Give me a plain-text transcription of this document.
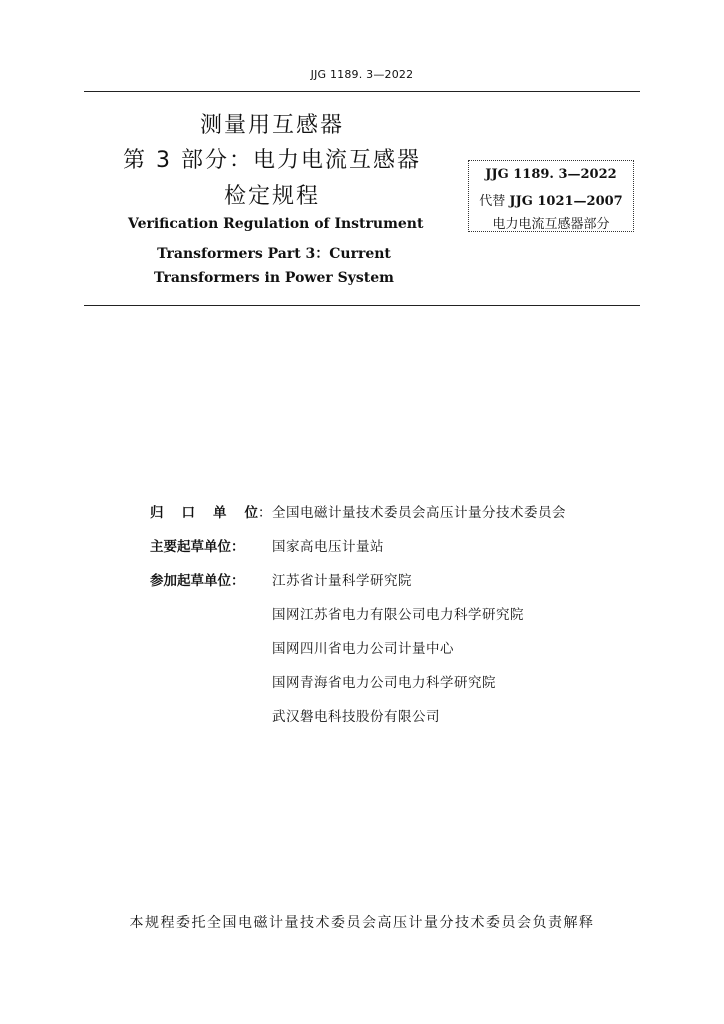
JJG 1189. 3—2022
测量用互感器
第 3 部分：电力电流互感器
检定规程
Verification Regulation of Instrument
Transformers Part 3：Current
Transformers in Power System
JJG 1189. 3—2022
代替 JJG 1021—2007
电力电流互感器部分
归 口 单 位 ： 全国电磁计量技术委员会高压计量分技术委员会
主要起草单位：	国家高电压计量站
参加起草单位：	江苏省计量科学研究院
国网江苏省电力有限公司电力科学研究院
国网四川省电力公司计量中心
国网青海省电力公司电力科学研究院
武汉磐电科技股份有限公司
本规程委托全国电磁计量技术委员会高压计量分技术委员会负责解释
